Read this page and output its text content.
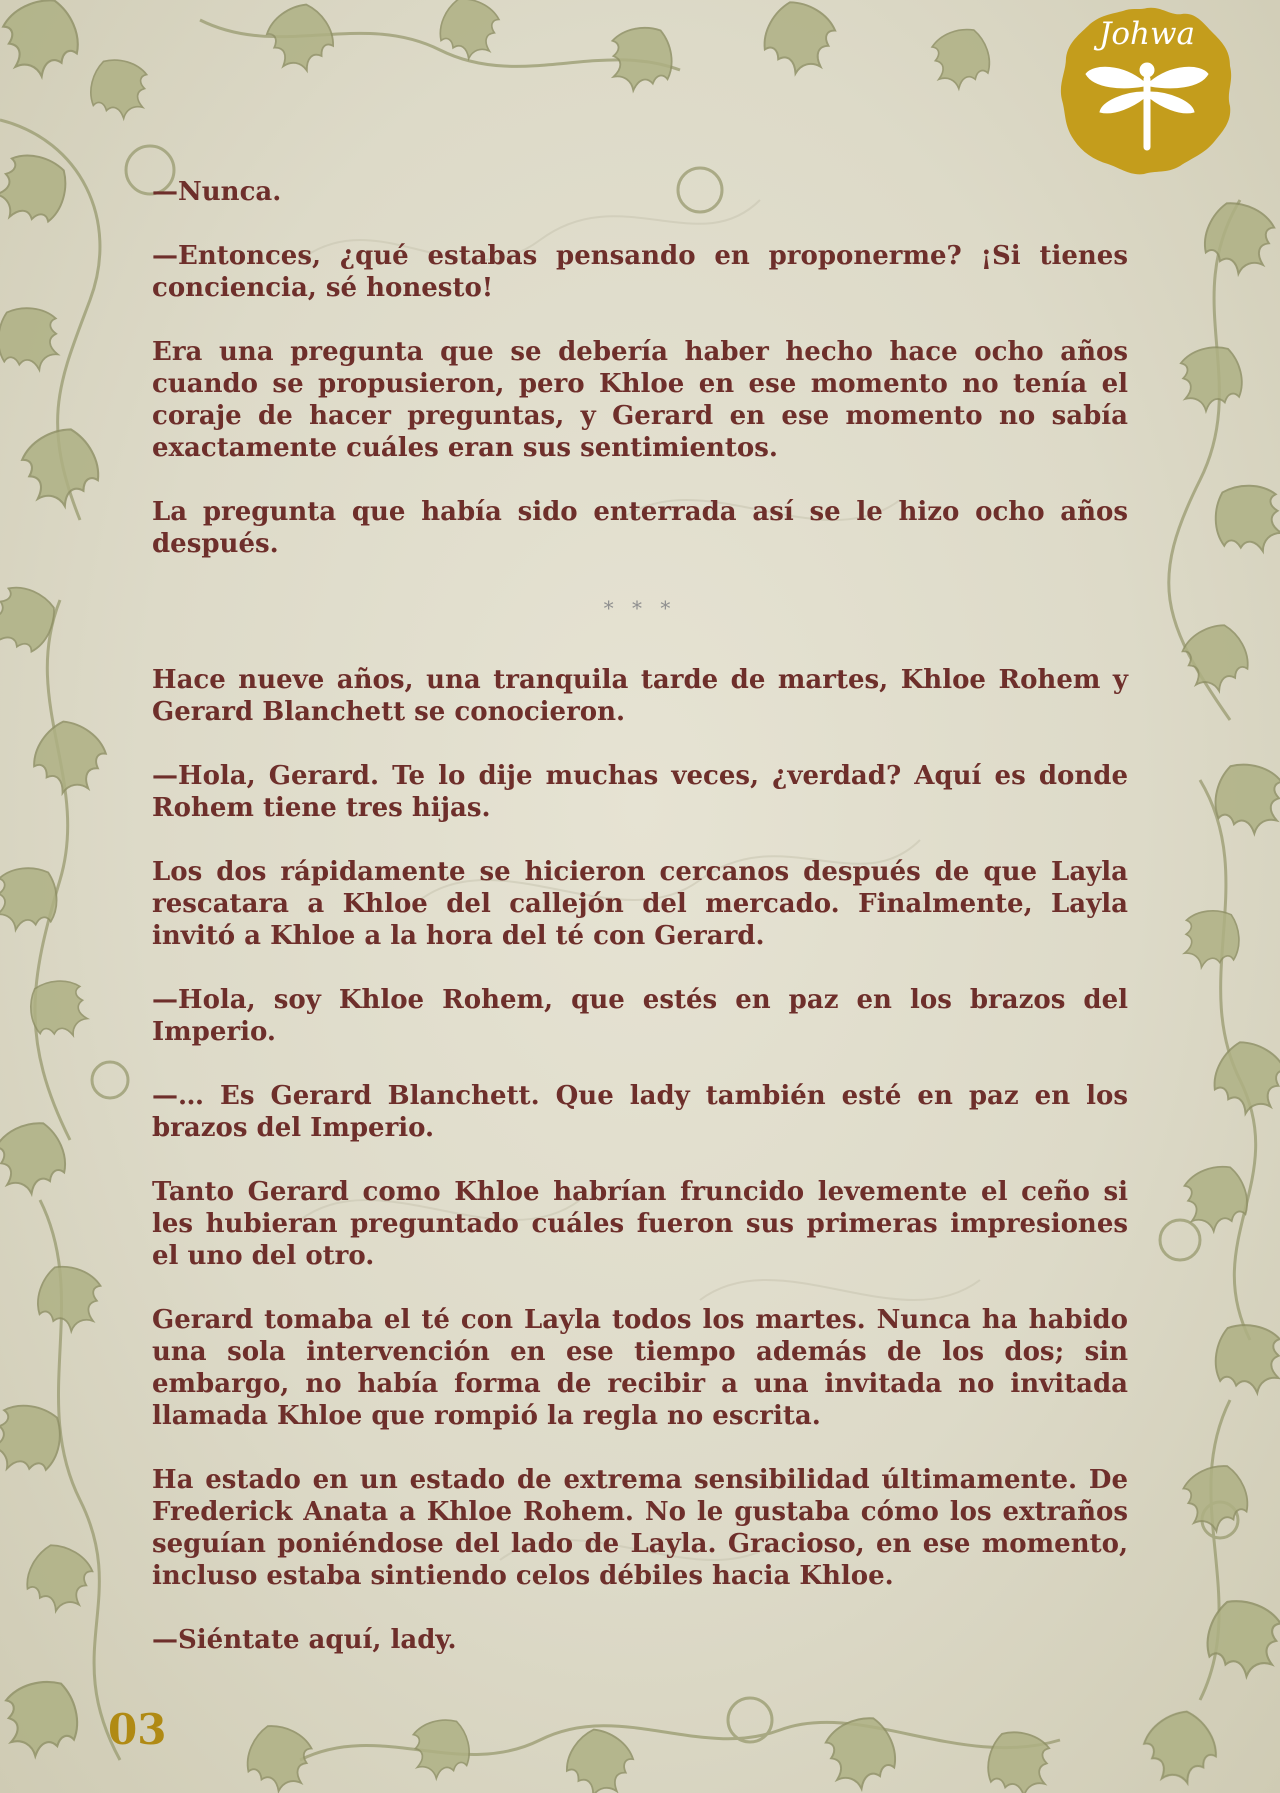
Johwa

—Nunca.

—Entonces, ¿qué estabas pensando en proponerme? ¡Si tienes conciencia, sé honesto!

Era una pregunta que se debería haber hecho hace ocho años cuando se propusieron, pero Khloe en ese momento no tenía el coraje de hacer preguntas, y Gerard en ese momento no sabía exactamente cuáles eran sus sentimientos.

La pregunta que había sido enterrada así se le hizo ocho años después.

* * *

Hace nueve años, una tranquila tarde de martes, Khloe Rohem y Gerard Blanchett se conocieron.

—Hola, Gerard. Te lo dije muchas veces, ¿verdad? Aquí es donde Rohem tiene tres hijas.

Los dos rápidamente se hicieron cercanos después de que Layla rescatara a Khloe del callejón del mercado. Finalmente, Layla invitó a Khloe a la hora del té con Gerard.

—Hola, soy Khloe Rohem, que estés en paz en los brazos del Imperio.

—… Es Gerard Blanchett. Que lady también esté en paz en los brazos del Imperio.

Tanto Gerard como Khloe habrían fruncido levemente el ceño si les hubieran preguntado cuáles fueron sus primeras impresiones el uno del otro.

Gerard tomaba el té con Layla todos los martes. Nunca ha habido una sola intervención en ese tiempo además de los dos; sin embargo, no había forma de recibir a una invitada no invitada llamada Khloe que rompió la regla no escrita.

Ha estado en un estado de extrema sensibilidad últimamente. De Frederick Anata a Khloe Rohem. No le gustaba cómo los extraños seguían poniéndose del lado de Layla. Gracioso, en ese momento, incluso estaba sintiendo celos débiles hacia Khloe.

—Siéntate aquí, lady.

03
